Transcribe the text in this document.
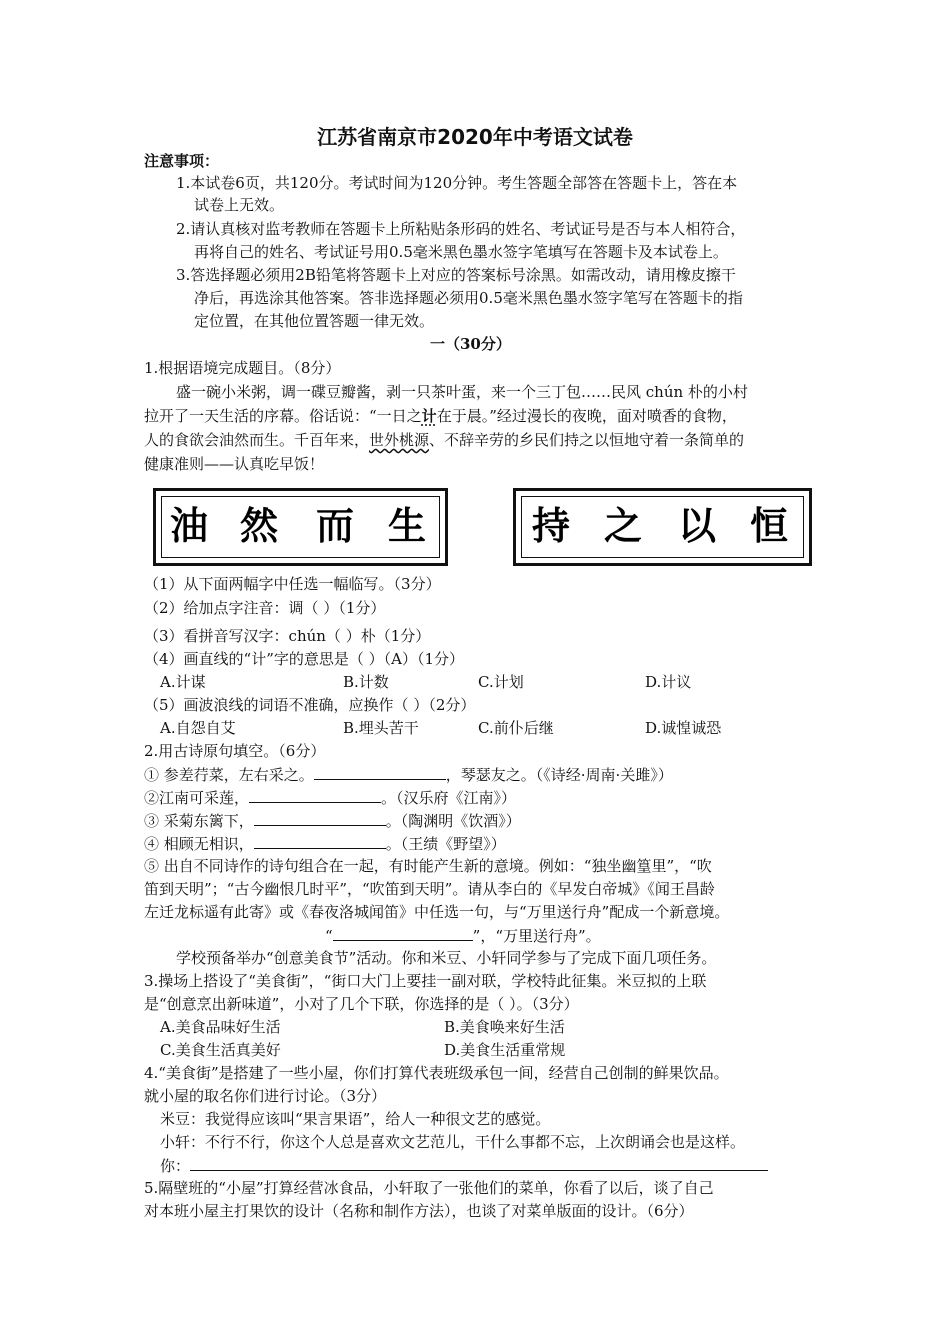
江苏省南京市2020年中考语文试卷
注意事项：
1.本试卷6页，共120分。考试时间为120分钟。考生答题全部答在答题卡上，答在本
试卷上无效。
2.请认真核对监考教师在答题卡上所粘贴条形码的姓名、考试证号是否与本人相符合，
再将自己的姓名、考试证号用0.5毫米黑色墨水签字笔填写在答题卡及本试卷上。
3.答选择题必须用2B铅笔将答题卡上对应的答案标号涂黑。如需改动，请用橡皮擦干
净后，再选涂其他答案。答非选择题必须用0.5毫米黑色墨水签字笔写在答题卡的指
定位置，在其他位置答题一律无效。
一（30分）
1.根据语境完成题目。（8分）
盛一碗小米粥，调一碟豆瓣酱，剥一只茶叶蛋，来一个三丁包……民风 chún 朴的小村
拉开了一天生活的序幕。俗话说：“一日之计在于晨。”经过漫长的夜晚，面对喷香的食物，
人的食欲会油然而生。千百年来，世外桃源、不辞辛劳的乡民们持之以恒地守着一条简单的
健康准则——认真吃早饭！
油 然 而 生	持 之 以 恒
（1）从下面两幅字中任选一幅临写。（3分）
（2）给加点字注音：调（ ）（1分）
（3）看拼音写汉字：chún（ ）朴（1分）
（4）画直线的“计”字的意思是（ ）（A）（1分）
A.计谋	B.计数	C.计划	D.计议
（5）画波浪线的词语不准确，应换作（ ）（2分）
A.自怨自艾	B.埋头苦干	C.前仆后继	D.诚惶诚恐
2.用古诗原句填空。（6分）
① 参差荇菜，左右采之。	，琴瑟友之。（《诗经·周南·关雎》）
②江南可采莲，	。（汉乐府《江南》）
③ 采菊东篱下，	。（陶渊明《饮酒》）
④ 相顾无相识，	。（王绩《野望》）
⑤ 出自不同诗作的诗句组合在一起，有时能产生新的意境。例如：“独坐幽篁里”，“吹
笛到天明”；“古今幽恨几时平”，“吹笛到天明”。请从李白的《早发白帝城》《闻王昌龄
左迁龙标遥有此寄》或《春夜洛城闻笛》中任选一句，与“万里送行舟”配成一个新意境。
“	”，“万里送行舟”。
学校预备举办“创意美食节”活动。你和米豆、小轩同学参与了完成下面几项任务。
3.操场上搭设了“美食街”，“街口大门上要挂一副对联，学校特此征集。米豆拟的上联
是“创意烹出新味道”，小对了几个下联，你选择的是（ ）。（3分）
A.美食品味好生活	B.美食唤来好生活
C.美食生活真美好	D.美食生活重常规
4.“美食街”是搭建了一些小屋，你们打算代表班级承包一间，经营自己创制的鲜果饮品。
就小屋的取名你们进行讨论。（3分）
米豆：我觉得应该叫“果言果语”，给人一种很文艺的感觉。
小轩：不行不行，你这个人总是喜欢文艺范儿，干什么事都不忘，上次朗诵会也是这样。
你：
5.隔壁班的“小屋”打算经营冰食品，小轩取了一张他们的菜单，你看了以后，谈了自己
对本班小屋主打果饮的设计（名称和制作方法），也谈了对菜单版面的设计。（6分）
